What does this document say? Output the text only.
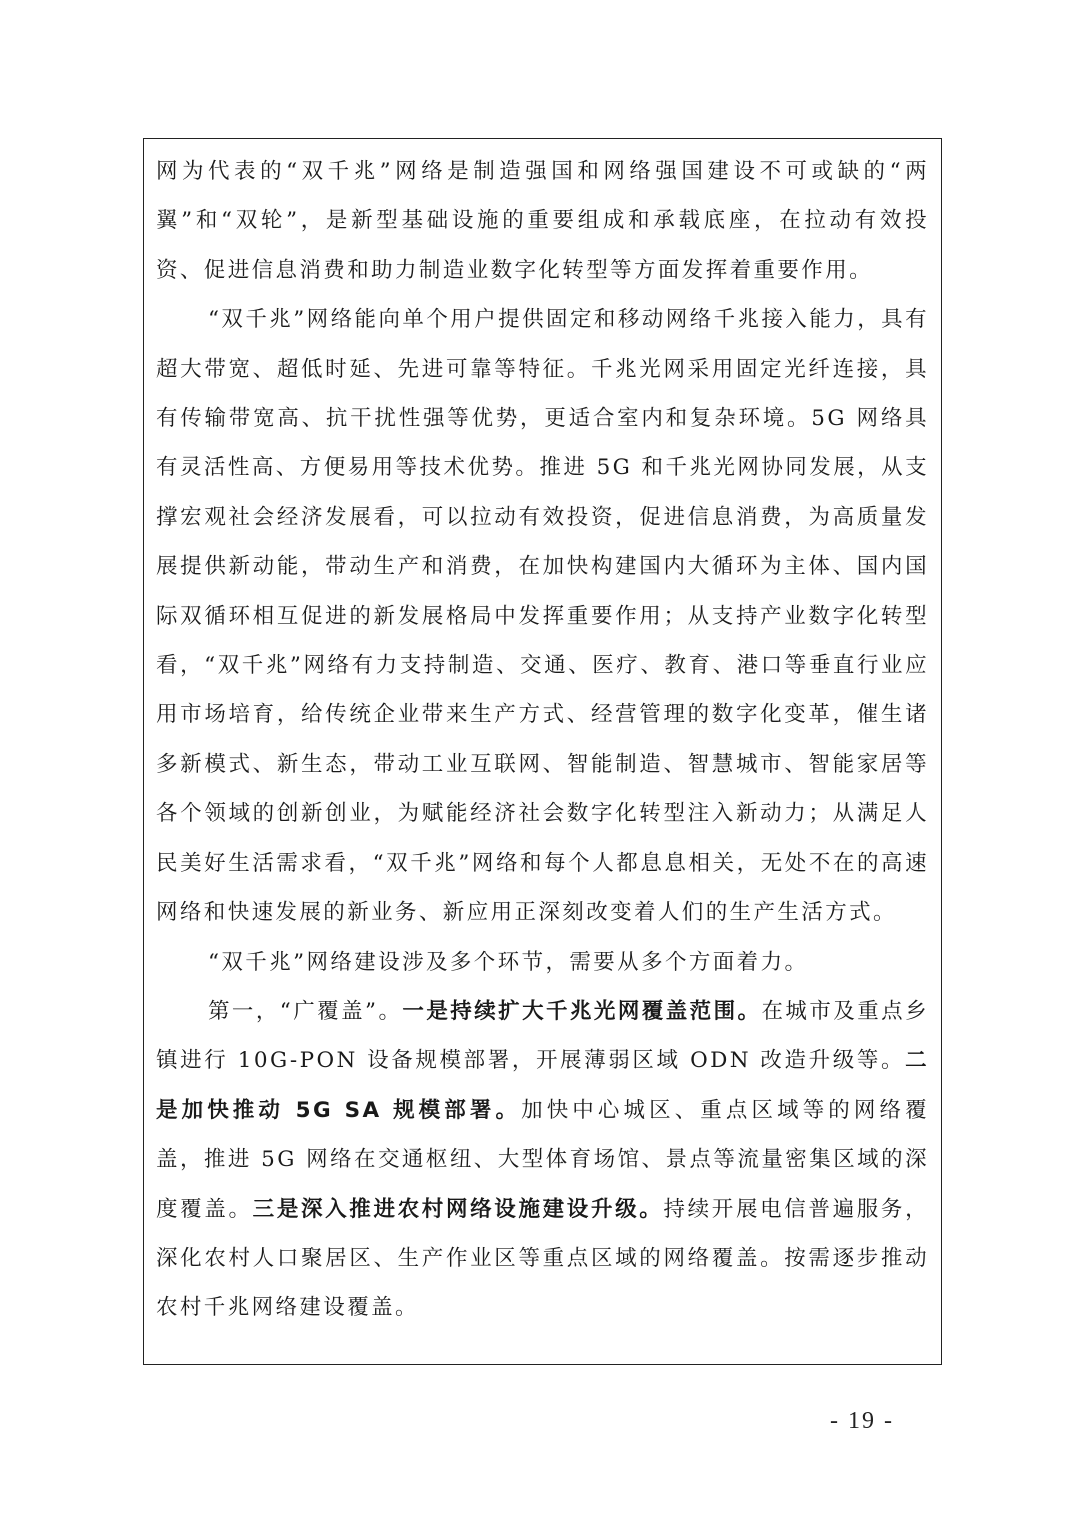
网为代表的“双千兆”网络是制造强国和网络强国建设不可或缺的“两翼”和“双轮”，是新型基础设施的重要组成和承载底座，在拉动有效投资、促进信息消费和助力制造业数字化转型等方面发挥着重要作用。

“双千兆”网络能向单个用户提供固定和移动网络千兆接入能力，具有超大带宽、超低时延、先进可靠等特征。千兆光网采用固定光纤连接，具有传输带宽高、抗干扰性强等优势，更适合室内和复杂环境。5G 网络具有灵活性高、方便易用等技术优势。推进 5G 和千兆光网协同发展，从支撑宏观社会经济发展看，可以拉动有效投资，促进信息消费，为高质量发展提供新动能，带动生产和消费，在加快构建国内大循环为主体、国内国际双循环相互促进的新发展格局中发挥重要作用；从支持产业数字化转型看，“双千兆”网络有力支持制造、交通、医疗、教育、港口等垂直行业应用市场培育，给传统企业带来生产方式、经营管理的数字化变革，催生诸多新模式、新生态，带动工业互联网、智能制造、智慧城市、智能家居等各个领域的创新创业，为赋能经济社会数字化转型注入新动力；从满足人民美好生活需求看，“双千兆”网络和每个人都息息相关，无处不在的高速网络和快速发展的新业务、新应用正深刻改变着人们的生产生活方式。

“双千兆”网络建设涉及多个环节，需要从多个方面着力。

第一，“广覆盖”。一是持续扩大千兆光网覆盖范围。在城市及重点乡镇进行 10G-PON 设备规模部署，开展薄弱区域 ODN 改造升级等。二是加快推动 5G SA 规模部署。加快中心城区、重点区域等的网络覆盖，推进 5G 网络在交通枢纽、大型体育场馆、景点等流量密集区域的深度覆盖。三是深入推进农村网络设施建设升级。持续开展电信普遍服务，深化农村人口聚居区、生产作业区等重点区域的网络覆盖。按需逐步推动农村千兆网络建设覆盖。

- 19 -
